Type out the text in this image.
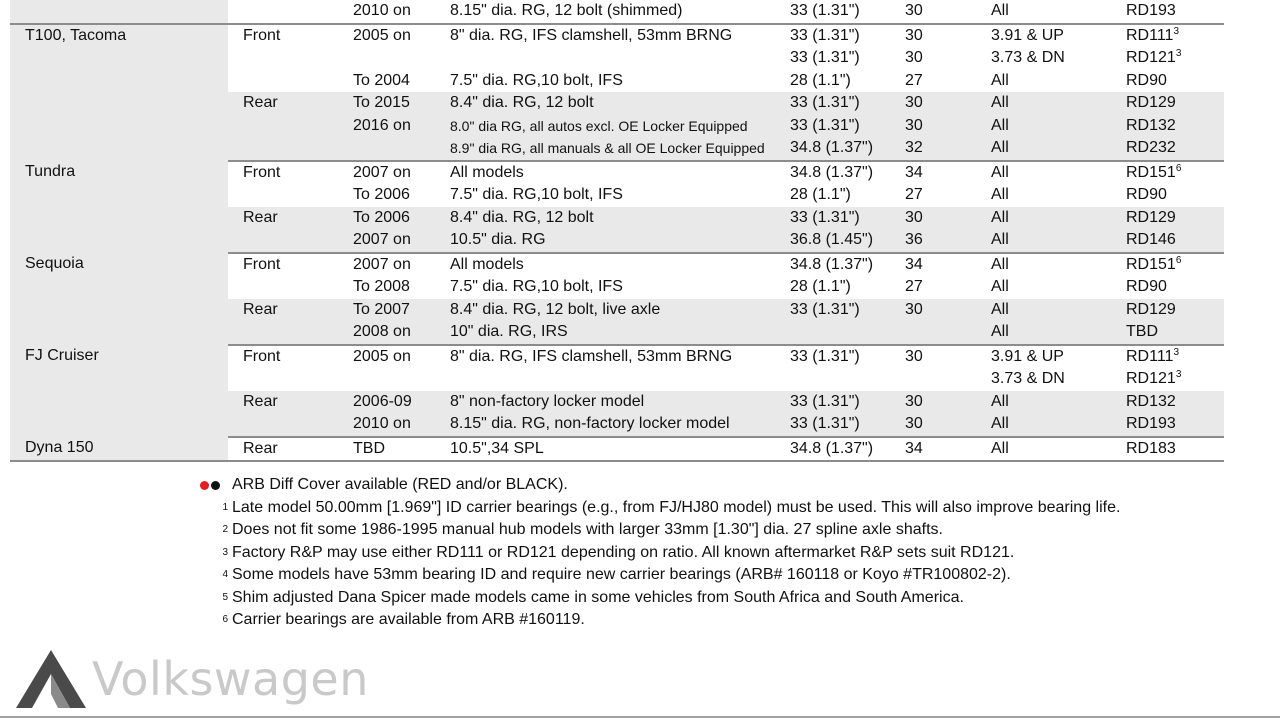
		2010 on	8.15" dia. RG, 12 bolt (shimmed)	33 (1.31")	30	All	RD193
T100, Tacoma	Front	2005 on	8" dia. RG, IFS clamshell, 53mm BRNG	33 (1.31")	30	3.91 & UP	$RD111^3$
				33 (1.31")	30	3.73 & DN	$RD121^3$
		To 2004	7.5" dia. RG,10 bolt, IFS	28 (1.1")	27	All	RD90
	Rear	To 2015	8.4" dia. RG, 12 bolt	33 (1.31")	30	All	RD129
		2016 on	8.0" dia RG, all autos excl. OE Locker Equipped	33 (1.31")	30	All	RD132
			8.9" dia RG, all manuals & all OE Locker Equipped	34.8 (1.37")	32	All	RD232
Tundra	Front	2007 on	All models	34.8 (1.37")	34	All	$RD151^6$
		To 2006	7.5" dia. RG,10 bolt, IFS	28 (1.1")	27	All	RD90
	Rear	To 2006	8.4" dia. RG, 12 bolt	33 (1.31")	30	All	RD129
		2007 on	10.5" dia. RG	36.8 (1.45")	36	All	RD146
Sequoia	Front	2007 on	All models	34.8 (1.37")	34	All	$RD151^6$
		To 2008	7.5" dia. RG,10 bolt, IFS	28 (1.1")	27	All	RD90
	Rear	To 2007	8.4" dia. RG, 12 bolt, live axle	33 (1.31")	30	All	RD129
		2008 on	10" dia. RG, IRS			All	TBD
FJ Cruiser	Front	2005 on	8" dia. RG, IFS clamshell, 53mm BRNG	33 (1.31")	30	3.91 & UP	$RD111^3$
						3.73 & DN	$RD121^3$
	Rear	2006-09	8" non-factory locker model	33 (1.31")	30	All	RD132
		2010 on	8.15" dia. RG, non-factory locker model	33 (1.31")	30	All	RD193
Dyna 150	Rear	TBD	10.5",34 SPL	34.8 (1.37")	34	All	RD183
ARB Diff Cover available (RED and/or BLACK).
1 Late model 50.00mm [1.969"] ID carrier bearings (e.g., from FJ/HJ80 model) must be used. This will also improve bearing life.
2 Does not fit some 1986-1995 manual hub models with larger 33mm [1.30"] dia. 27 spline axle shafts.
3 Factory R&P may use either RD111 or RD121 depending on ratio. All known aftermarket R&P sets suit RD121.
4 Some models have 53mm bearing ID and require new carrier bearings (ARB# 160118 or Koyo #TR100802-2).
5 Shim adjusted Dana Spicer made models came in some vehicles from South Africa and South America.
6 Carrier bearings are available from ARB #160119.
Volkswagen
